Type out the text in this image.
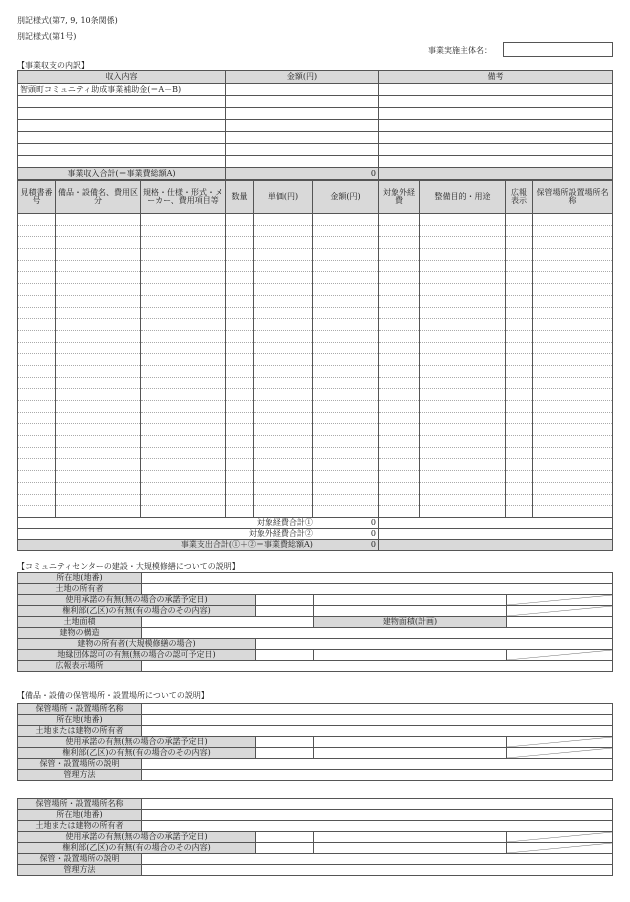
別記様式(第7, 9, 10条関係)
別記様式(第1号)
事業実施主体名：
【事業収支の内訳】
収入内容	金額(円)	備考
智頭町コミュニティ助成事業補助金(＝A－B)		

事業収入合計(＝事業費総額A)	0	
見積書番号	備品・設備名、費用区分	規格・仕様・形式・メーカー、費用項目等	数量	単価(円)	金額(円)	対象外経費	整備目的・用途	広報表示	保管場所設置場所名称

対象経費合計① 0									
対象外経費合計② 0									
事業支出合計(①＋②＝事業費総額A) 0									
【コミュニティセンターの建設・大規模修繕についての説明】
所在地(地番)				
土地の所有者				
使用承諾の有無(無の場合の承諾予定日)			

権利部(乙区)の有無(有の場合のその内容)			

土地面積			建物面積(計画)	
建物の構造				
建物の所有者(大規模修繕の場合)				
地縁団体認可の有無(無の場合の認可予定日)			

広報表示場所				
【備品・設備の保管場所・設置場所についての説明】
保管場所・設置場所名称				
所在地(地番)				
土地または建物の所有者				
使用承諾の有無(無の場合の承諾予定日)			

権利部(乙区)の有無(有の場合のその内容)			

保管・設置場所の説明				
管理方法				
保管場所・設置場所名称				
所在地(地番)				
土地または建物の所有者				
使用承諾の有無(無の場合の承諾予定日)			

権利部(乙区)の有無(有の場合のその内容)			

保管・設置場所の説明				
管理方法				
